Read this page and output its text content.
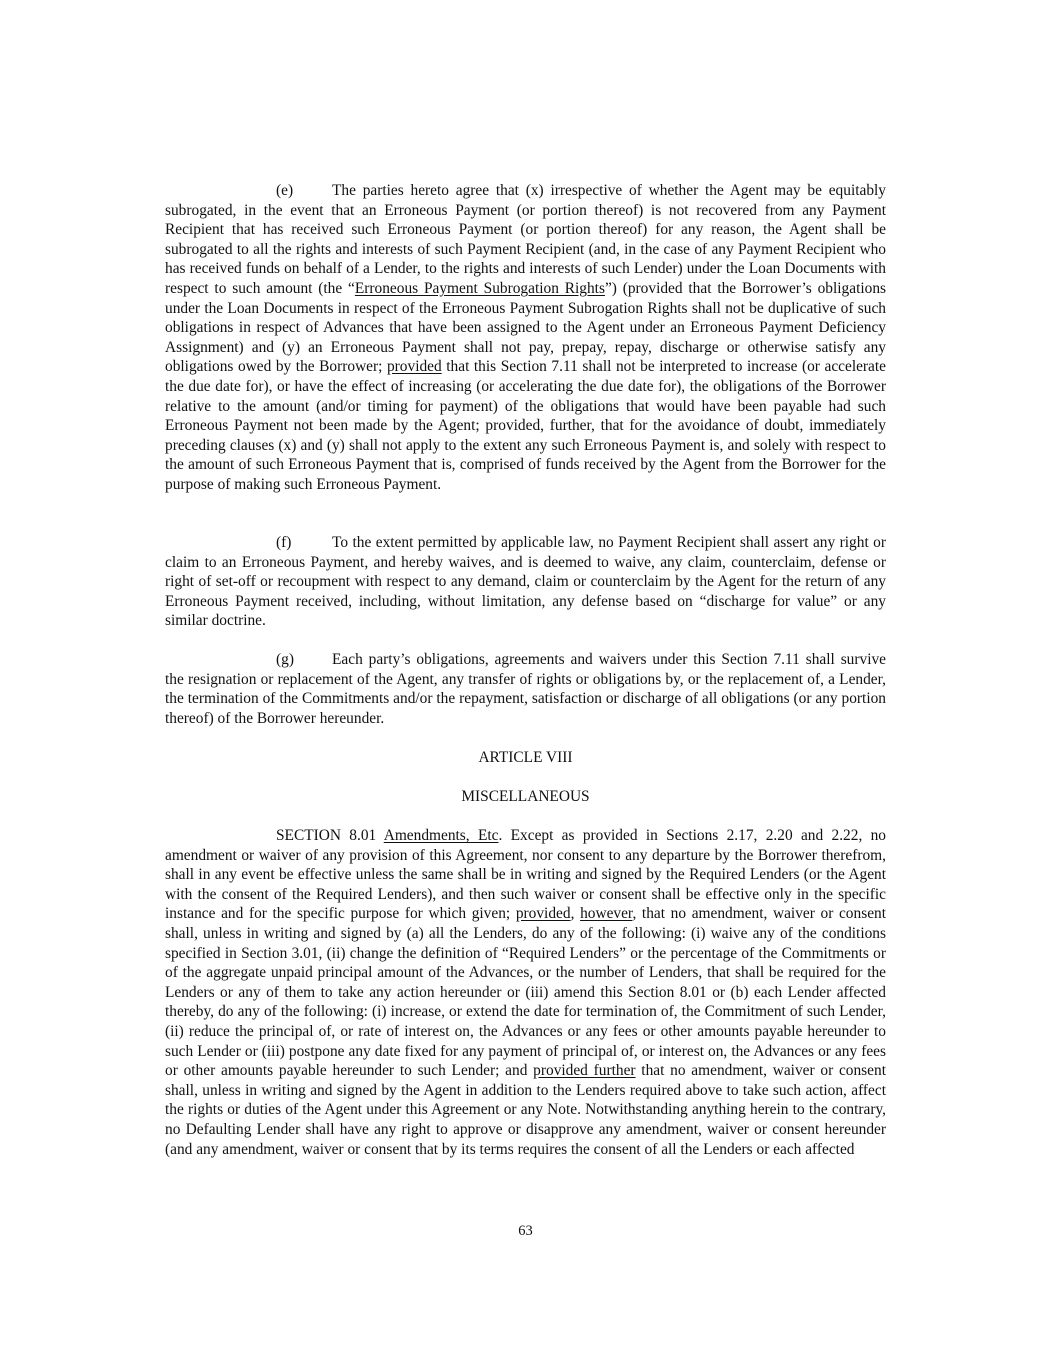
(e)	The parties hereto agree that (x) irrespective of whether the Agent may be equitably subrogated, in the event that an Erroneous Payment (or portion thereof) is not recovered from any Payment Recipient that has received such Erroneous Payment (or portion thereof) for any reason, the Agent shall be subrogated to all the rights and interests of such Payment Recipient (and, in the case of any Payment Recipient who has received funds on behalf of a Lender, to the rights and interests of such Lender) under the Loan Documents with respect to such amount (the “Erroneous Payment Subrogation Rights”) (provided that the Borrower’s obligations under the Loan Documents in respect of the Erroneous Payment Subrogation Rights shall not be duplicative of such obligations in respect of Advances that have been assigned to the Agent under an Erroneous Payment Deficiency Assignment) and (y) an Erroneous Payment shall not pay, prepay, repay, discharge or otherwise satisfy any obligations owed by the Borrower; provided that this Section 7.11 shall not be interpreted to increase (or accelerate the due date for), or have the effect of increasing (or accelerating the due date for), the obligations of the Borrower relative to the amount (and/or timing for payment) of the obligations that would have been payable had such Erroneous Payment not been made by the Agent; provided, further, that for the avoidance of doubt, immediately preceding clauses (x) and (y) shall not apply to the extent any such Erroneous Payment is, and solely with respect to the amount of such Erroneous Payment that is, comprised of funds received by the Agent from the Borrower for the purpose of making such Erroneous Payment.

(f)	To the extent permitted by applicable law, no Payment Recipient shall assert any right or claim to an Erroneous Payment, and hereby waives, and is deemed to waive, any claim, counterclaim, defense or right of set-off or recoupment with respect to any demand, claim or counterclaim by the Agent for the return of any Erroneous Payment received, including, without limitation, any defense based on “discharge for value” or any similar doctrine.

(g) Each party’s obligations, agreements and waivers under this Section 7.11 shall survive the resignation or replacement of the Agent, any transfer of rights or obligations by, or the replacement of, a Lender, the termination of the Commitments and/or the repayment, satisfaction or discharge of all obligations (or any portion thereof) of the Borrower hereunder.

ARTICLE VIII
MISCELLANEOUS

SECTION 8.01 Amendments, Etc. Except as provided in Sections 2.17, 2.20 and 2.22, no amendment or waiver of any provision of this Agreement, nor consent to any departure by the Borrower therefrom, shall in any event be effective unless the same shall be in writing and signed by the Required Lenders (or the Agent with the consent of the Required Lenders), and then such waiver or consent shall be effective only in the specific instance and for the specific purpose for which given; provided, however, that no amendment, waiver or consent shall, unless in writing and signed by (a) all the Lenders, do any of the following: (i) waive any of the conditions specified in Section 3.01, (ii) change the definition of “Required Lenders” or the percentage of the Commitments or of the aggregate unpaid principal amount of the Advances, or the number of Lenders, that shall be required for the Lenders or any of them to take any action hereunder or (iii) amend this Section 8.01 or (b) each Lender affected thereby, do any of the following: (i) increase, or extend the date for termination of, the Commitment of such Lender, (ii) reduce the principal of, or rate of interest on, the Advances or any fees or other amounts payable hereunder to such Lender or (iii) postpone any date fixed for any payment of principal of, or interest on, the Advances or any fees or other amounts payable hereunder to such Lender; and provided further that no amendment, waiver or consent shall, unless in writing and signed by the Agent in addition to the Lenders required above to take such action, affect the rights or duties of the Agent under this Agreement or any Note. Notwithstanding anything herein to the contrary, no Defaulting Lender shall have any right to approve or disapprove any amendment, waiver or consent hereunder (and any amendment, waiver or consent that by its terms requires the consent of all the Lenders or each affected

63
